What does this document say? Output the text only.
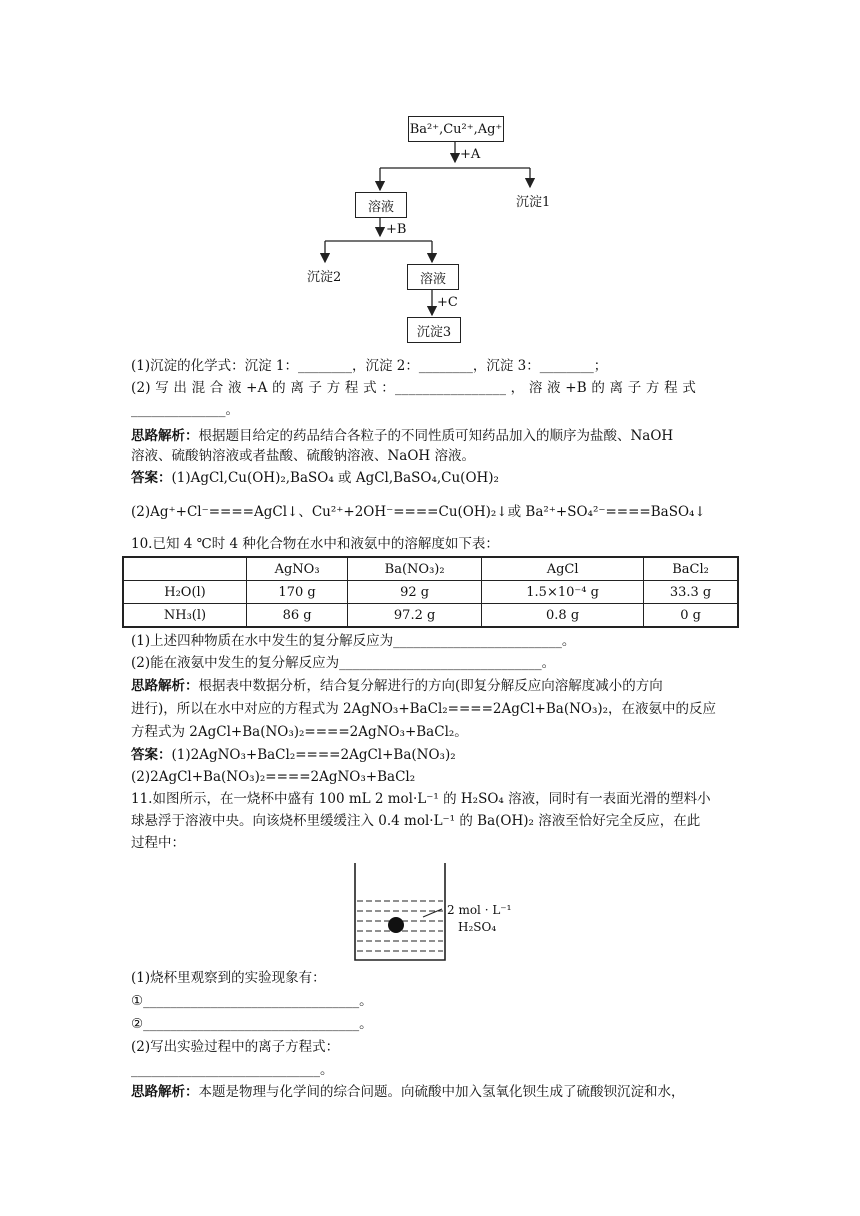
Ba²⁺,Cu²⁺,Ag⁺
溶液
溶液
沉淀3
+A
沉淀1
+B
沉淀2
+C
(1)沉淀的化学式：沉淀 1：________，沉淀 2：________，沉淀 3：________；
(2) 写 出 混 合 液 +A 的 离 子 方 程 式 ：________________ ， 溶 液 +B 的 离 子 方 程 式
______________。
思路解析：根据题目给定的药品结合各粒子的不同性质可知药品加入的顺序为盐酸、NaOH
溶液、硫酸钠溶液或者盐酸、硫酸钠溶液、NaOH 溶液。
答案：(1)AgCl,Cu(OH)₂,BaSO₄ 或 AgCl,BaSO₄,Cu(OH)₂
(2)Ag⁺+Cl⁻====AgCl↓、Cu²⁺+2OH⁻====Cu(OH)₂↓或 Ba²⁺+SO₄²⁻====BaSO₄↓
10.已知 4 ℃时 4 种化合物在水中和液氨中的溶解度如下表：
	AgNO₃	Ba(NO₃)₂	AgCl	BaCl₂
H₂O(l)	170 g	92 g	1.5×10⁻⁴ g	33.3 g
NH₃(l)	86 g	97.2 g	0.8 g	0 g
(1)上述四种物质在水中发生的复分解反应为_________________________。
(2)能在液氨中发生的复分解反应为______________________________。
思路解析：根据表中数据分析，结合复分解进行的方向(即复分解反应向溶解度减小的方向
进行)，所以在水中对应的方程式为 2AgNO₃+BaCl₂====2AgCl+Ba(NO₃)₂，在液氨中的反应
方程式为 2AgCl+Ba(NO₃)₂====2AgNO₃+BaCl₂。
答案：(1)2AgNO₃+BaCl₂====2AgCl+Ba(NO₃)₂
(2)2AgCl+Ba(NO₃)₂====2AgNO₃+BaCl₂
11.如图所示，在一烧杯中盛有 100 mL 2 mol·L⁻¹ 的 H₂SO₄ 溶液，同时有一表面光滑的塑料小
球悬浮于溶液中央。向该烧杯里缓缓注入 0.4 mol·L⁻¹ 的 Ba(OH)₂ 溶液至恰好完全反应，在此
过程中：
2 mol · L⁻¹
H₂SO₄
(1)烧杯里观察到的实验现象有：
①________________________________。
②________________________________。
(2)写出实验过程中的离子方程式：
____________________________。
思路解析：本题是物理与化学间的综合问题。向硫酸中加入氢氧化钡生成了硫酸钡沉淀和水，
